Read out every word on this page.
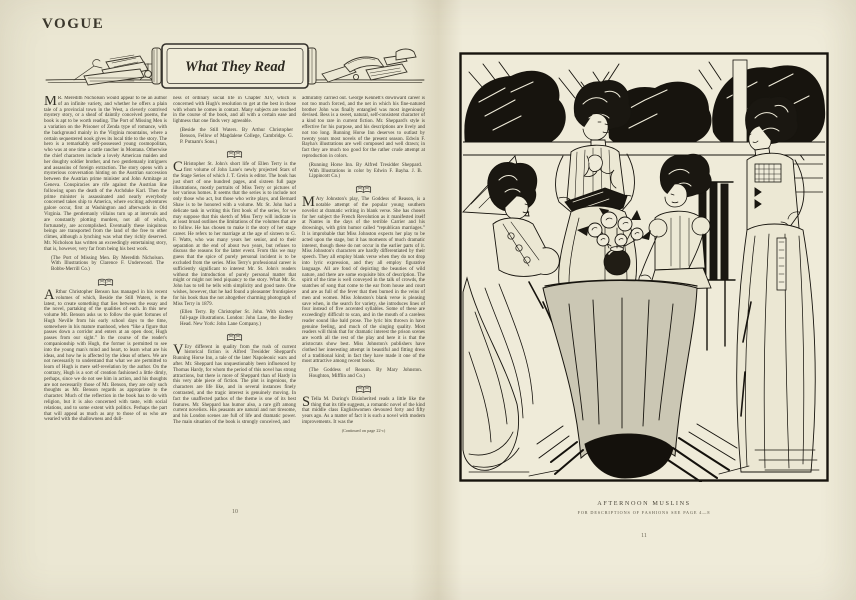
VOGUE
What They Read

M R. Meredith Nicholson would appear to be an author of an infinite variety, and whether he offers a plain tale of a provincial town in the West, a cleverly contrived mystery story, or a sheaf of daintily conceived poems, the book is apt to be worth reading. The Port of Missing Men is a variation on the Prisoner of Zenda type of romance, with the background mainly in the Virginia mountains, where a certain sequestered nook gives its local title to the story. The hero is a remarkably self-possessed young cosmopolitan, who was at one time a cattle rancher in Montana. Otherwise the chief characters include a lovely American maiden and her doughty soldier brother, and two gentlemanly intriguers and assassins of foreign extraction. The story opens with a mysterious conversation hinting on the Austrian succession between the Austrian prime minister and John Armitage at Geneva. Conspiracies are rife against the Austrian line following upon the death of the Archduke Karl. Then the prime minister is assassinated and nearly everybody concerned takes ship to America, where exciting adventures galore occur, first at Washington and afterwards in Old Virginia. The gentlemanly villains turn up at intervals and are constantly plotting murders, not all of which, fortunately, are accomplished. Eventually these iniquitous beings are transported from the land of the free to other climes, although a lynching was what they richly deserved. Mr. Nicholson has written an exceedingly entertaining story, that is, however, very far from being his best work.

(The Port of Missing Men. By Meredith Nicholson. With Illustrations by Clarence F. Underwood. The Bobbs-Merrill Co.)

A Rthur Christopher Benson has managed in his recent volumes of which, Beside the Still Waters, is the latest, to create something that lies between the essay and the novel, partaking of the qualities of each. In this new volume Mr. Benson asks us to follow the quiet fortunes of Hugh Neville from his early school days to the time, somewhere in his mature manhood, when “like a figure that passes down a corridor and enters at an open door, Hugh passes from our sight.” In the course of the reader's companionship with Hugh, the former is permitted to see into the young man's mind and heart, to learn what are his ideas, and how he is affected by the ideas of others. We are not necessarily to understand that what we are permitted to learn of Hugh is mere self-revelation by the author. On the contrary, Hugh is a sort of creation fashioned a little dimly, perhaps, since we do not see him in action, and his thoughts are not necessarily those of Mr. Benson, they are only such thoughts as Mr. Benson regards as appropriate to the character. Much of the reflection in the book has to do with religion, but it is also concerned with taste, with social relations, and to some extent with politics. Perhaps the part that will appeal as much as any to those of us who are wearied with the shallowness and dull-

ness of ordinary social life in Chapter XIV, which is concerned with Hugh's resolution to get at the best in those with whom he comes in contact. Many subjects are touched in the course of the book, and all with a certain ease and lightness that one finds very agreeable.

(Beside the Still Waters. By Arthur Christopher Benson, Fellow of Magdalene College, Cambridge. G. P. Putnam's Sons.)

C Hristopher St. John's short life of Ellen Terry is the first volume of John Lane's newly projected Stars of the Stage Series of which J. T. Grein is editor. The book has just short of one hundred pages, and sixteen full page illustrations, mostly portraits of Miss Terry or pictures of her various homes. It seems that the series is to include not only those who act, but those who write plays, and Bernard Shaw is to be honored with a volume. Mr. St. John had a delicate task in writing this first book of the series, for we may suppose that this sketch of Miss Terry will indicate in at least broad outlines the limitations of the volumes that are to follow. He has chosen to make it the story of her stage career. He refers to her marriage at the age of sixteen to G. F. Watts, who was many years her senior, and to their separation at the end of about two years, but refuses to discuss the reasons for the latter event. From this we may guess that the spice of purely personal incident is to be excluded from the series. Miss Terry's professional career is sufficiently significant to interest Mr. St. John's readers without the introduction of purely personal matter that might or might not lend piquancy to the story. What Mr. St. John has to tell he tells with simplicity and good taste. One wishes, however, that he had found a pleasanter frontispiece for his book than the not altogether charming photograph of Miss Terry in 1879.

(Ellen Terry. By Christopher St. John. With sixteen full-page illustrations. London: John Lane, the Bodley Head. New York: John Lane Company.)

V Ery different in quality from the rush of current historical fiction is Alfred Tresidder Sheppard's Running Horse Inn, a tale of the later Napoleonic wars and after. Mr. Sheppard has unquestionably been influenced by Thomas Hardy, for whom the period of this novel has strong attractions, but there is more of Sheppard than of Hardy in this very able piece of fiction. The plot is ingenious, the characters are life like, and in several instances finely contrasted, and the tragic interest is genuinely moving. In fact the unaffected pathos of the theme is one of its best features. Mr. Sheppard has humor also, a rare gift among current novelists. His peasants are natural and not tiresome, and his London scenes are full of life and dramatic power. The main situation of the book is strongly conceived, and

admirably carried out. George Kennett's downward career is not too much forced, and the net in which his fine-natured brother John was finally entangled was most ingeniously devised. Bess is a sweet, natural, self-consistent character of a kind too rare in current fiction. Mr. Sheppard's style is effective for his purpose, and his descriptions are lively and not too long. Running Horse Inn deserves to outlast by twenty years most novels of the present season. Edwin F. Bayha's illustrations are well composed and well drawn; in fact they are much too good for the rather crude attempt at reproduction in colors.

(Running Horse Inn. By Alfred Tresidder Sheppard. With Illustrations in color by Edwin F. Bayha. J. B. Lippincott Co.)

M Ary Johnston's play, The Goddess of Reason, is a notable attempt of the popular young southern novelist at dramatic writing in blank verse. She has chosen for her subject the French Revolution as it manifested itself at Nantes in the days of the terrible Carrier and his drownings, with grim humor called “republican marriages.” It is improbable that Miss Johnston expects her play to be acted upon the stage, but it has moments of much dramatic interest, though these do not occur in the earlier parts of it. Miss Johnston's characters are hardly differentiated by their speech. They all employ blank verse when they do not drop into lyric expression, and they all employ figurative language. All are fond of depicting the beauties of wild nature, and there are some exquisite bits of description. The spirit of the time is well conveyed in the talk of crowds, the snatches of song that come to the ear from house and court and are as full of the fever that then burned in the veins of men and women. Miss Johnston's blank verse is pleasing save when, in the search for variety, she introduces lines of four instead of five accented syllables. Some of these are exceedingly difficult to scan, and in the mouth of a careless reader sound like bald prose. The lyric bits thrown in have genuine feeling, and much of the singing quality. Most readers will think that for dramatic interest the prison scenes are worth all the rest of the play and here it is that the aristocrats show best. Miss Johnston's publishers have clothed her interesting attempt in beautiful and fitting dress of a traditional kind; in fact they have made it one of the most attractive among recent books.

(The Goddess of Reason. By Mary Johnston. Houghton, Mifflin and Co.)

S Tella M. During's Disinherited reads a little like the thing that its title suggests, a romantic novel of the kind that middle class Englishwomen devoured forty and fifty years ago. As a matter of fact it is such a novel with modern improvements. It was the

(Continued on page 22-c)

10
AFTERNOON MUSLINS
FOR DESCRIPTIONS OF FASHIONS SEE PAGE 4—8
11
